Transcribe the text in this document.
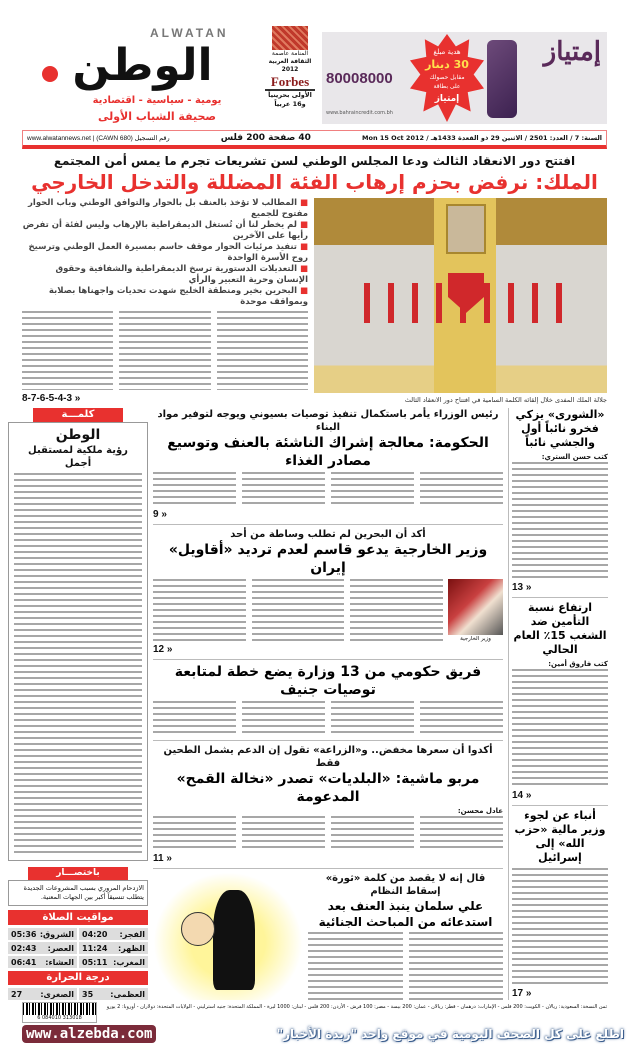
ALWATAN
الوطن
يومية - سياسية - اقتصادية
صحيفة الشباب الأولى
المنامة عاصمة
الثقافة العربية 2012
Forbes
الأولى بحرينياً
و16 عربياً
إمتياز
هدية مبلغ
30 دينار
مقابل حصولك
على بطاقة
إمتياز
80008000
www.bahraincredit.com.bh
www.alwatannews.net | (CAWN 680) رقم التسجيل	40 صفحة 200 فلس	السنة: 7 / العدد: 2501 / الاثنين 29 ذو القعدة 1433هـ / Mon 15 Oct 2012
افتتح دور الانعقاد الثالث ودعا المجلس الوطني لسن تشريعات تجرم ما يمس أمن المجتمع
الملك: نرفض بحزم إرهاب الفئة المضللة والتدخل الخارجي
جلالة الملك المفدى خلال إلقائه الكلمة السامية في افتتاح دور الانعقاد الثالث
■ المطالب لا تؤخذ بالعنف بل بالحوار والتوافق الوطني وباب الحوار مفتوح للجميع
■ لم يخطر لنا أن تُستغل الديمقراطية بالإرهاب وليس لفئة أن تفرض رأيها على الآخرين
■ تنفيذ مرئيات الحوار موقف حاسم بمسيرة العمل الوطني وترسيخ روح الأسرة الواحدة
■ التعديلات الدستورية ترسخ الديمقراطية والشفافية وحقوق الإنسان وحرية التعبير والرأي
■ البحرين بخير ومنطقة الخليج شهدت تحديات واجهناها بصلابة وبمواقف موحدة
8-7-6-5-4-3 »
«الشورى» يزكي فخرو نائباً أول والجشي نائباً
كتب حسن الستري:
13 »
ارتفاع نسبة التأمين ضد الشغب 15٪ العام الحالي
كتب فاروق أمين:
14 »
أنباء عن لجوء وزير مالية «حزب الله» إلى إسرائيل
17 »
رئيس الوزراء يأمر باستكمال تنفيذ توصيات بسيوني ويوجه لتوفير مواد البناء
الحكومة: معالجة إشراك الناشئة بالعنف وتوسيع مصادر الغذاء
9 »
أكد أن البحرين لم تطلب وساطة من أحد
وزير الخارجية يدعو قاسم لعدم ترديد «أقاويل» إيران
وزير الخارجية
12 »
فريق حكومي من 13 وزارة يضع خطة لمتابعة توصيات جنيف
أكدوا أن سعرها مخفض.. و«الزراعة» تقول إن الدعم يشمل الطحين فقط
مربو ماشية: «البلديات» تصدر «نخالة القمح» المدعومة
عادل محسن:
11 »
قال إنه لا يقصد من كلمة «ثورة» إسقاط النظام
علي سلمان ينبذ العنف بعد استدعائه من المباحث الجنائية
كلمـــة
الوطن
رؤية ملكية لمستقبل أجمل
باختصـــار
الازدحام المروري بسبب المشروعات الجديدة يتطلب تنسيقاً أكبر بين الجهات المعنية.
مواقيت الصلاة
الفجر:
04:20
الشروق:
05:36
الظهر:
11:24
العصر:
02:43
المغرب:
05:11
العشاء:
06:41
درجة الحرارة
العظمى:
35
الصغرى:
27
6 084010 313018
ثمن النسخة: السعودية: ريالان - الكويت: 200 فلس - الإمارات: درهمان - قطر: ريالان - عمان: 200 بيسة - مصر: 100 قرش - الأردن: 200 فلس - لبنان: 1000 ليرة - المملكة المتحدة: جنيه استرليني - الولايات المتحدة: دولاران - أوروبا: 2 يورو
www.alzebda.com	اطلع على كل الصحف اليومية في موقع واحد "زبدة الأخبار"
